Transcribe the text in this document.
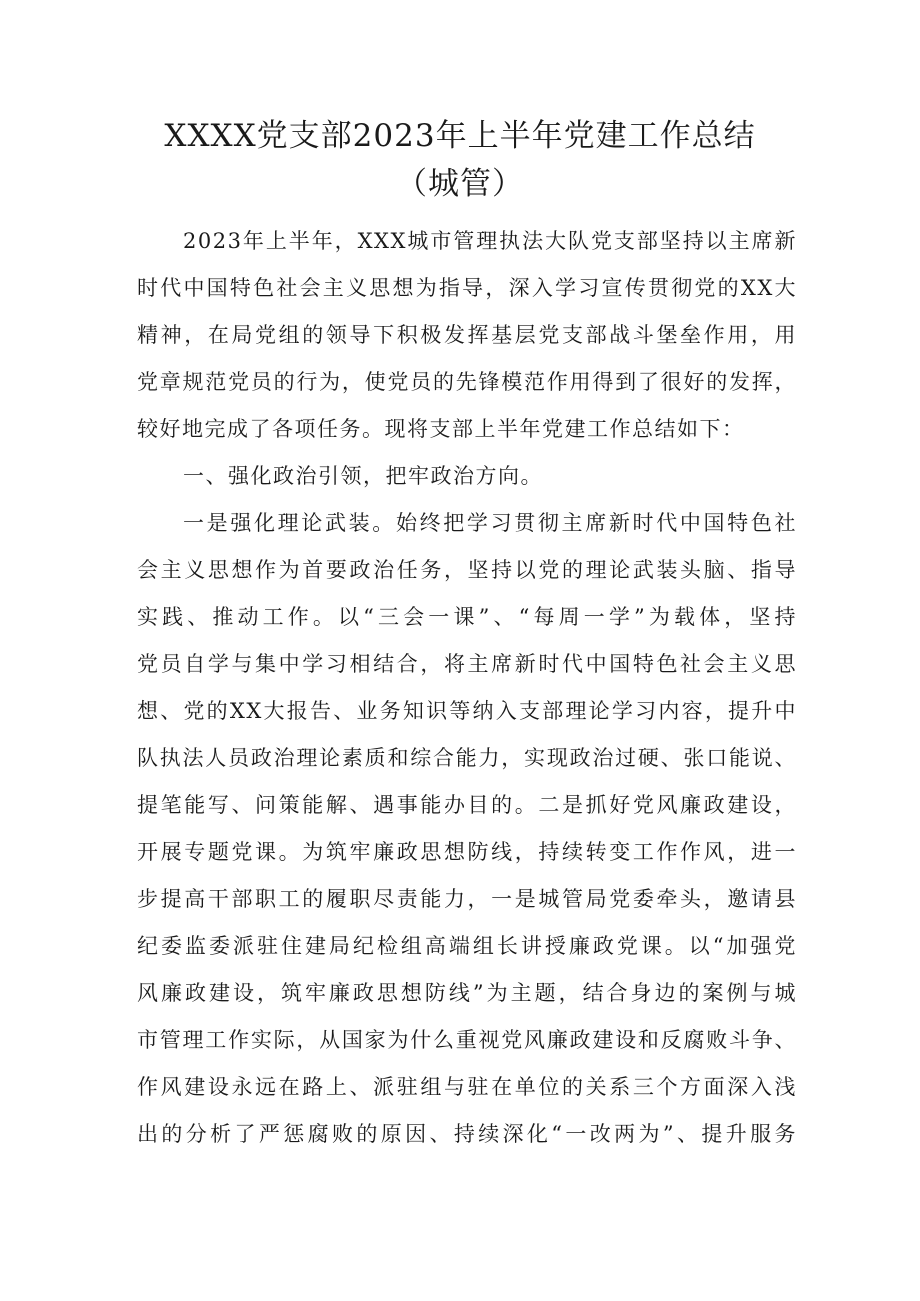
XXXX党支部2023年上半年党建工作总结
（城管）
2023年上半年，XXX城市管理执法大队党支部坚持以主席新
时代中国特色社会主义思想为指导，深入学习宣传贯彻党的XX大
精神，在局党组的领导下积极发挥基层党支部战斗堡垒作用，用
党章规范党员的行为，使党员的先锋模范作用得到了很好的发挥，
较好地完成了各项任务。现将支部上半年党建工作总结如下：
一、强化政治引领，把牢政治方向。
一是强化理论武装。始终把学习贯彻主席新时代中国特色社
会主义思想作为首要政治任务，坚持以党的理论武装头脑、指导
实践、推动工作。以“三会一课”、“每周一学”为载体，坚持
党员自学与集中学习相结合，将主席新时代中国特色社会主义思
想、党的XX大报告、业务知识等纳入支部理论学习内容，提升中
队执法人员政治理论素质和综合能力，实现政治过硬、张口能说、
提笔能写、问策能解、遇事能办目的。二是抓好党风廉政建设，
开展专题党课。为筑牢廉政思想防线，持续转变工作作风，进一
步提高干部职工的履职尽责能力，一是城管局党委牵头，邀请县
纪委监委派驻住建局纪检组高端组长讲授廉政党课。以“加强党
风廉政建设，筑牢廉政思想防线”为主题，结合身边的案例与城
市管理工作实际，从国家为什么重视党风廉政建设和反腐败斗争、
作风建设永远在路上、派驻组与驻在单位的关系三个方面深入浅
出的分析了严惩腐败的原因、持续深化“一改两为”、提升服务
